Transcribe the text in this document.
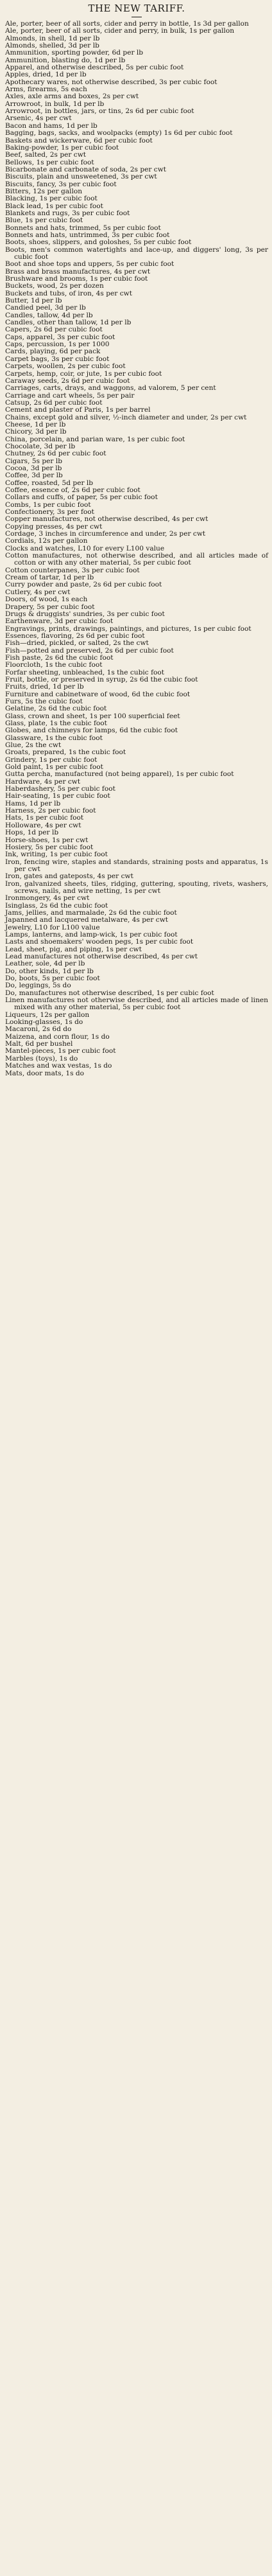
THE NEW TARIFF.
Ale, porter, beer of all sorts, cider and perry in bottle, 1s 3d per gallon
Ale, porter, beer of all sorts, cider and perry, in bulk, 1s per gallon
Almonds, in shell, 1d per lb
Almonds, shelled, 3d per lb
Ammunition, sporting powder, 6d per lb
Ammunition, blasting do, 1d per lb
Apparel, and otherwise described, 5s per cubic foot
Apples, dried, 1d per lb
Apothecary wares, not otherwise described, 3s per cubic foot
Arms, firearms, 5s each
Axles, axle arms and boxes, 2s per cwt
Arrowroot, in bulk, 1d per lb
Arrowroot, in bottles, jars, or tins, 2s 6d per cubic foot
Arsenic, 4s per cwt
Bacon and hams, 1d per lb
Bagging, bags, sacks, and woolpacks (empty) 1s 6d per cubic foot
Baskets and wickerware, 6d per cubic foot
Baking-powder, 1s per cubic foot
Beef, salted, 2s per cwt
Bellows, 1s per cubic foot
Bicarbonate and carbonate of soda, 2s per cwt
Biscuits, plain and unsweetened, 3s per cwt
Biscuits, fancy, 3s per cubic foot
Bitters, 12s per gallon
Blacking, 1s per cubic foot
Black lead, 1s per cubic foot
Blankets and rugs, 3s per cubic foot
Blue, 1s per cubic foot
Bonnets and hats, trimmed, 5s per cubic foot
Bonnets and hats, untrimmed, 3s per cubic foot
Boots, shoes, slippers, and goloshes, 5s per cubic foot
Boots, men's common watertights and lace-up, and diggers' long, 3s per cubic foot
Boot and shoe tops and uppers, 5s per cubic foot
Brass and brass manufactures, 4s per cwt
Brushware and brooms, 1s per cubic foot
Buckets, wood, 2s per dozen
Buckets and tubs, of iron, 4s per cwt
Butter, 1d per lb
Candied peel, 3d per lb
Candles, tallow, 4d per lb
Candles, other than tallow, 1d per lb
Capers, 2s 6d per cubic foot
Caps, apparel, 3s per cubic foot
Caps, percussion, 1s per 1000
Cards, playing, 6d per pack
Carpet bags, 3s per cubic foot
Carpets, woollen, 2s per cubic foot
Carpets, hemp, coir, or jute, 1s per cubic foot
Caraway seeds, 2s 6d per cubic foot
Carriages, carts, drays, and waggons, ad valorem, 5 per cent
Carriage and cart wheels, 5s per pair
Catsup, 2s 6d per cubic foot
Cement and plaster of Paris, 1s per barrel
Chains, except gold and silver, ½-inch diameter and under, 2s per cwt
Cheese, 1d per lb
Chicory, 3d per lb
China, porcelain, and parian ware, 1s per cubic foot
Chocolate, 3d per lb
Chutney, 2s 6d per cubic foot
Cigars, 5s per lb
Cocoa, 3d per lb
Coffee, 3d per lb
Coffee, roasted, 5d per lb
Coffee, essence of, 2s 6d per cubic foot
Collars and cuffs, of paper, 5s per cubic foot
Combs, 1s per cubic foot
Confectionery, 3s per foot
Copper manufactures, not otherwise described, 4s per cwt
Copying presses, 4s per cwt
Cordage, 3 inches in circumference and under, 2s per cwt
Cordials, 12s per gallon
Clocks and watches, L10 for every L100 value
Cotton manufactures, not otherwise described, and all articles made of cotton or with any other material, 5s per cubic foot
Cotton counterpanes, 3s per cubic foot
Cream of tartar, 1d per lb
Curry powder and paste, 2s 6d per cubic foot
Cutlery, 4s per cwt
Doors, of wood, 1s each
Drapery, 5s per cubic foot
Drugs & druggists' sundries, 3s per cubic foot
Earthenware, 3d per cubic foot
Engravings, prints, drawings, paintings, and pictures, 1s per cubic foot
Essences, flavoring, 2s 6d per cubic foot
Fish—dried, pickled, or salted, 2s the cwt
Fish—potted and preserved, 2s 6d per cubic foot
Fish paste, 2s 6d the cubic foot
Floorcloth, 1s the cubic foot
Forfar sheeting, unbleached, 1s the cubic foot
Fruit, bottle, or preserved in syrup, 2s 6d the cubic foot
Fruits, dried, 1d per lb
Furniture and cabinetware of wood, 6d the cubic foot
Furs, 5s the cubic foot
Gelatine, 2s 6d the cubic foot
Glass, crown and sheet, 1s per 100 superficial feet
Glass, plate, 1s the cubic foot
Globes, and chimneys for lamps, 6d the cubic foot
Glassware, 1s the cubic foot
Glue, 2s the cwt
Groats, prepared, 1s the cubic foot
Grindery, 1s per cubic foot
Gold paint, 1s per cubic foot
Gutta percha, manufactured (not being apparel), 1s per cubic foot
Hardware, 4s per cwt
Haberdashery, 5s per cubic foot
Hair-seating, 1s per cubic foot
Hams, 1d per lb
Harness, 2s per cubic foot
Hats, 1s per cubic foot
Holloware, 4s per cwt
Hops, 1d per lb
Horse-shoes, 1s per cwt
Hosiery, 5s per cubic foot
Ink, writing, 1s per cubic foot
Iron, fencing wire, staples and standards, straining posts and apparatus, 1s per cwt
Iron, gates and gateposts, 4s per cwt
Iron, galvanized sheets, tiles, ridging, guttering, spouting, rivets, washers, screws, nails, and wire netting, 1s per cwt
Ironmongery, 4s per cwt
Isinglass, 2s 6d the cubic foot
Jams, jellies, and marmalade, 2s 6d the cubic foot
Japanned and lacquered metalware, 4s per cwt
Jewelry, L10 for L100 value
Lamps, lanterns, and lamp-wick, 1s per cubic foot
Lasts and shoemakers' wooden pegs, 1s per cubic foot
Lead, sheet, pig, and piping, 1s per cwt
Lead manufactures not otherwise described, 4s per cwt
Leather, sole, 4d per lb
Do, other kinds, 1d per lb
Do, boots, 5s per cubic foot
Do, leggings, 5s do
Do, manufactures not otherwise described, 1s per cubic foot
Linen manufactures not otherwise described, and all articles made of linen mixed with any other material, 5s per cubic foot
Liqueurs, 12s per gallon
Looking-glasses, 1s do
Macaroni, 2s 6d do
Maizena, and corn flour, 1s do
Malt, 6d per bushel
Mantel-pieces, 1s per cubic foot
Marbles (toys), 1s do
Matches and wax vestas, 1s do
Mats, door mats, 1s do
